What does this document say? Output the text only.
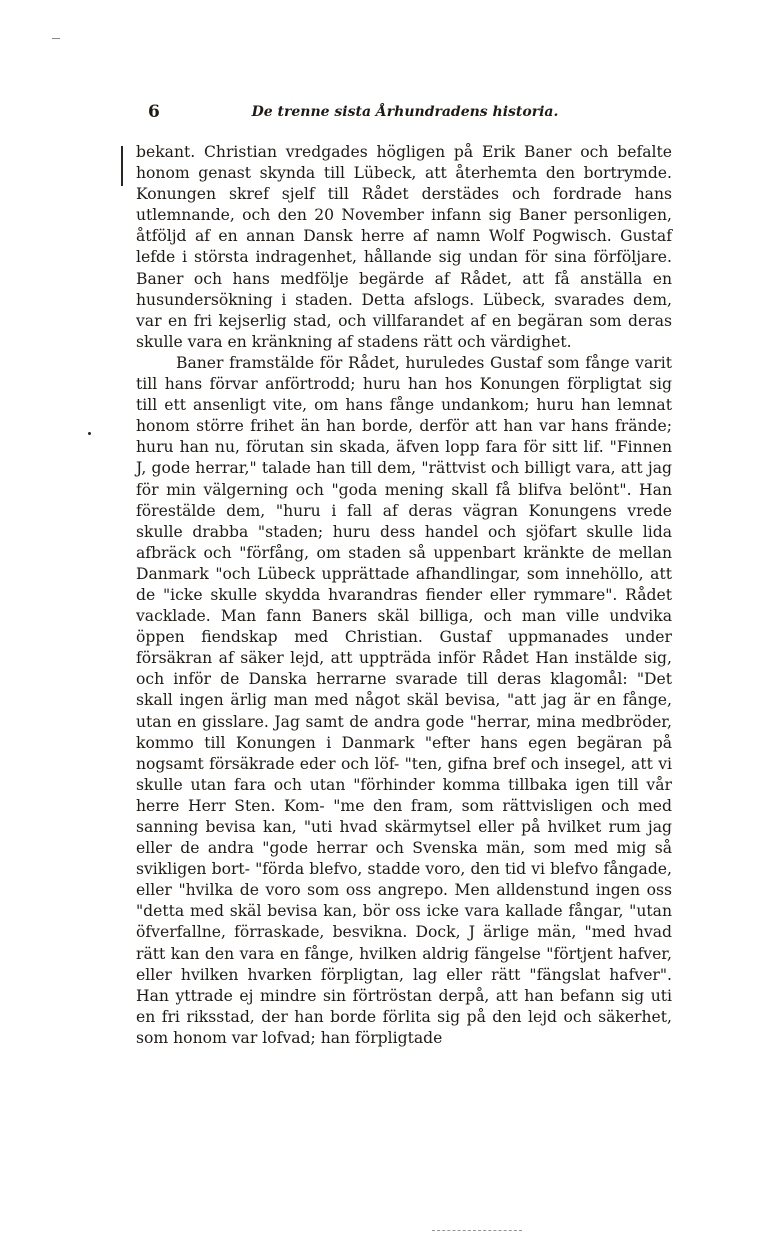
6	De trenne sista Århundradens historia.

bekant. Christian vredgades högligen på Erik Baner och befalte honom genast skynda till Lübeck, att återhemta den bortrymde. Konungen skref sjelf till Rådet derstädes och fordrade hans utlemnande, och den 20 November infann sig Baner personligen, åtföljd af en annan Dansk herre af namn Wolf Pogwisch. Gustaf lefde i största indragenhet, hållande sig undan för sina förföljare. Baner och hans medfölje begärde af Rådet, att få anställa en husundersökning i staden. Detta afslogs. Lübeck, svarades dem, var en fri kejserlig stad, och villfarandet af en begäran som deras skulle vara en kränkning af stadens rätt och värdighet.

Baner framstälde för Rådet, huruledes Gustaf som fånge varit till hans förvar anförtrodd; huru han hos Konungen förpligtat sig till ett ansenligt vite, om hans fånge undankom; huru han lemnat honom större frihet än han borde, derför att han var hans frände; huru han nu, förutan sin skada, äfven lopp fara för sitt lif. "Finnen J, gode herrar," talade han till dem, "rättvist och billigt vara, att jag för min välgerning och "goda mening skall få blifva belönt". Han förestälde dem, "huru i fall af deras vägran Konungens vrede skulle drabba "staden; huru dess handel och sjöfart skulle lida afbräck och "förfång, om staden så uppenbart kränkte de mellan Danmark "och Lübeck upprättade afhandlingar, som innehöllo, att de "icke skulle skydda hvarandras fiender eller rymmare". Rådet vacklade. Man fann Baners skäl billiga, och man ville undvika öppen fiendskap med Christian. Gustaf uppmanades under försäkran af säker lejd, att uppträda inför Rådet Han instälde sig, och inför de Danska herrarne svarade till deras klagomål: "Det skall ingen ärlig man med något skäl bevisa, "att jag är en fånge, utan en gisslare. Jag samt de andra gode "herrar, mina medbröder, kommo till Konungen i Danmark "efter hans egen begäran på nogsamt försäkrade eder och löf- "ten, gifna bref och insegel, att vi skulle utan fara och utan "förhinder komma tillbaka igen till vår herre Herr Sten. Kom- "me den fram, som rättvisligen och med sanning bevisa kan, "uti hvad skärmytsel eller på hvilket rum jag eller de andra "gode herrar och Svenska män, som med mig så svikligen bort- "förda blefvo, stadde voro, den tid vi blefvo fångade, eller "hvilka de voro som oss angrepo. Men alldenstund ingen oss "detta med skäl bevisa kan, bör oss icke vara kallade fångar, "utan öfverfallne, förraskade, besvikna. Dock, J ärlige män, "med hvad rätt kan den vara en fånge, hvilken aldrig fängelse "förtjent hafver, eller hvilken hvarken förpligtan, lag eller rätt "fängslat hafver". Han yttrade ej mindre sin förtröstan derpå, att han befann sig uti en fri riksstad, der han borde förlita sig på den lejd och säkerhet, som honom var lofvad; han förpligtade
